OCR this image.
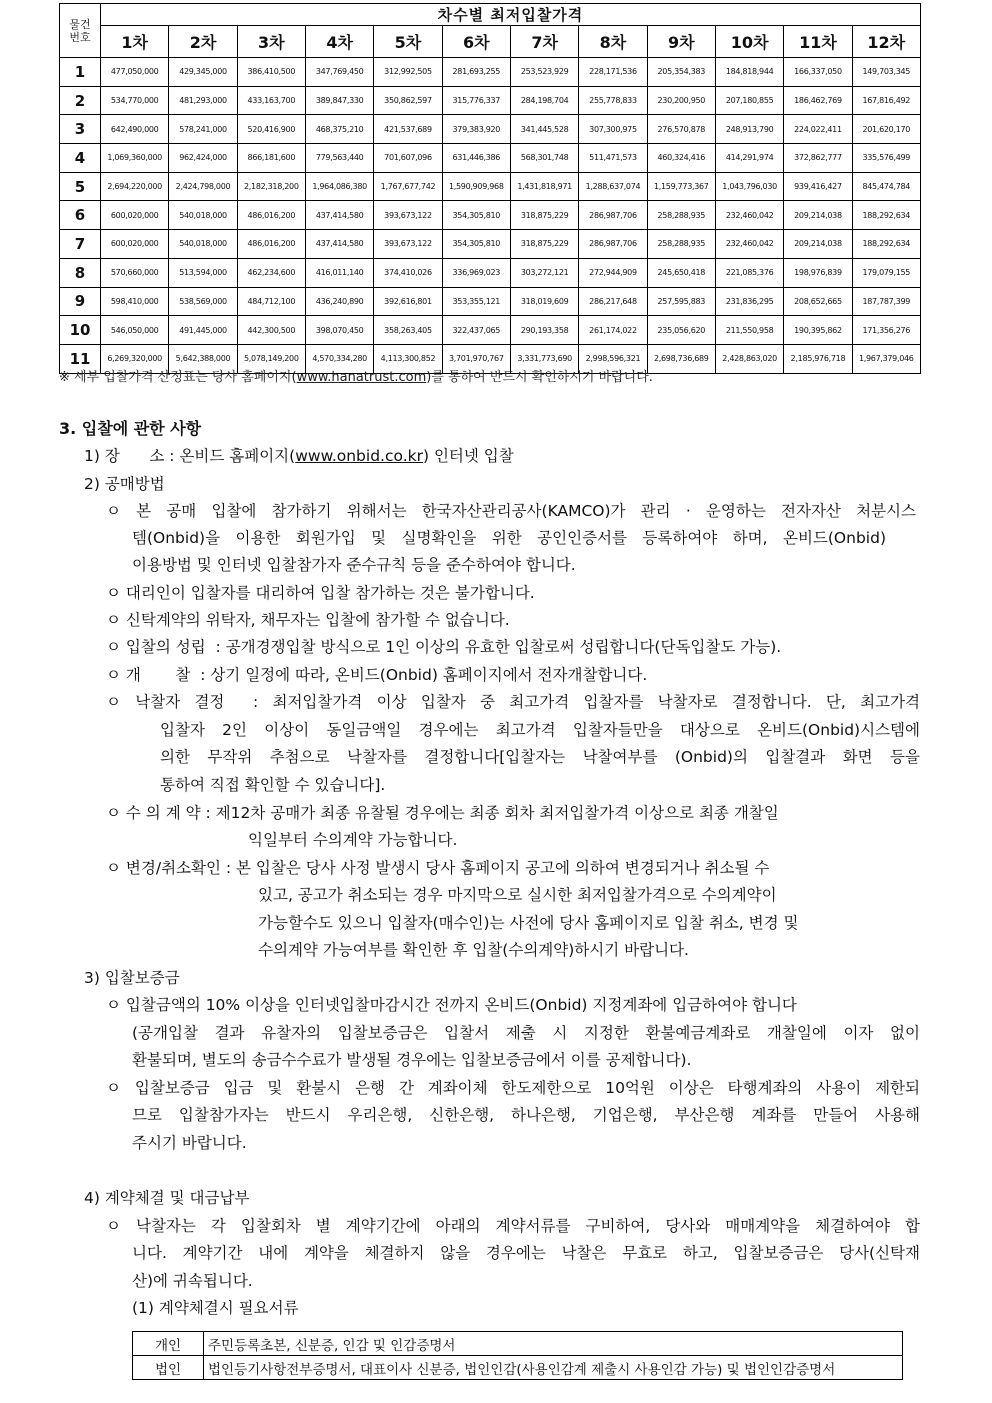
물건
번호	차수별 최저입찰가격											
	1차	2차	3차	4차	5차	6차	7차	8차	9차	10차	11차	12차
1	477,050,000	429,345,000	386,410,500	347,769,450	312,992,505	281,693,255	253,523,929	228,171,536	205,354,383	184,818,944	166,337,050	149,703,345
2	534,770,000	481,293,000	433,163,700	389,847,330	350,862,597	315,776,337	284,198,704	255,778,833	230,200,950	207,180,855	186,462,769	167,816,492
3	642,490,000	578,241,000	520,416,900	468,375,210	421,537,689	379,383,920	341,445,528	307,300,975	276,570,878	248,913,790	224,022,411	201,620,170
4	1,069,360,000	962,424,000	866,181,600	779,563,440	701,607,096	631,446,386	568,301,748	511,471,573	460,324,416	414,291,974	372,862,777	335,576,499
5	2,694,220,000	2,424,798,000	2,182,318,200	1,964,086,380	1,767,677,742	1,590,909,968	1,431,818,971	1,288,637,074	1,159,773,367	1,043,796,030	939,416,427	845,474,784
6	600,020,000	540,018,000	486,016,200	437,414,580	393,673,122	354,305,810	318,875,229	286,987,706	258,288,935	232,460,042	209,214,038	188,292,634
7	600,020,000	540,018,000	486,016,200	437,414,580	393,673,122	354,305,810	318,875,229	286,987,706	258,288,935	232,460,042	209,214,038	188,292,634
8	570,660,000	513,594,000	462,234,600	416,011,140	374,410,026	336,969,023	303,272,121	272,944,909	245,650,418	221,085,376	198,976,839	179,079,155
9	598,410,000	538,569,000	484,712,100	436,240,890	392,616,801	353,355,121	318,019,609	286,217,648	257,595,883	231,836,295	208,652,665	187,787,399
10	546,050,000	491,445,000	442,300,500	398,070,450	358,263,405	322,437,065	290,193,358	261,174,022	235,056,620	211,550,958	190,395,862	171,356,276
11	6,269,320,000	5,642,388,000	5,078,149,200	4,570,334,280	4,113,300,852	3,701,970,767	3,331,773,690	2,998,596,321	2,698,736,689	2,428,863,020	2,185,976,718	1,967,379,046
※ 세부 입찰가격 산정표는 당사 홈페이지(www.hanatrust.com)를 통하여 반드시 확인하시기 바랍니다.
3. 입찰에 관한 사항
1) 장      소 : 온비드 홈페이지(www.onbid.co.kr) 인터넷 입찰
2) 공매방법
ㅇ 본 공매 입찰에 참가하기 위해서는 한국자산관리공사(KAMCO)가 관리 · 운영하는 전자자산 처분시스
템(Onbid)을 이용한 회원가입 및 실명확인을 위한 공인인증서를 등록하여야 하며, 온비드(Onbid)
이용방법 및 인터넷 입찰참가자 준수규칙 등을 준수하여야 합니다.
ㅇ 대리인이 입찰자를 대리하여 입찰 참가하는 것은 불가합니다.
ㅇ 신탁계약의 위탁자, 채무자는 입찰에 참가할 수 없습니다.
ㅇ 입찰의 성립  : 공개경쟁입찰 방식으로 1인 이상의 유효한 입찰로써 성립합니다(단독입찰도 가능).
ㅇ 개       찰  : 상기 일정에 따라, 온비드(Onbid) 홈페이지에서 전자개찰합니다.
ㅇ 낙찰자 결정  : 최저입찰가격 이상 입찰자 중 최고가격 입찰자를 낙찰자로 결정합니다. 단, 최고가격
입찰자 2인 이상이 동일금액일 경우에는 최고가격 입찰자들만을 대상으로 온비드(Onbid)시스템에
의한 무작위 추첨으로 낙찰자를 결정합니다[입찰자는 낙찰여부를 (Onbid)의 입찰결과 화면 등을
통하여 직접 확인할 수 있습니다].
ㅇ 수 의 계 약 : 제12차 공매가 최종 유찰될 경우에는 최종 회차 최저입찰가격 이상으로 최종 개찰일
익일부터 수의계약 가능합니다.
ㅇ 변경/취소확인 : 본 입찰은 당사 사정 발생시 당사 홈페이지 공고에 의하여 변경되거나 취소될 수
있고, 공고가 취소되는 경우 마지막으로 실시한 최저입찰가격으로 수의계약이
가능할수도 있으니 입찰자(매수인)는 사전에 당사 홈페이지로 입찰 취소, 변경 및
수의계약 가능여부를 확인한 후 입찰(수의계약)하시기 바랍니다.
3) 입찰보증금
ㅇ 입찰금액의 10% 이상을 인터넷입찰마감시간 전까지 온비드(Onbid) 지정계좌에 입금하여야 합니다
(공개입찰 결과 유찰자의 입찰보증금은 입찰서 제출 시 지정한 환불예금계좌로 개찰일에 이자 없이
환불되며, 별도의 송금수수료가 발생될 경우에는 입찰보증금에서 이를 공제합니다).
ㅇ 입찰보증금 입금 및 환불시 은행 간 계좌이체 한도제한으로 10억원 이상은 타행계좌의 사용이 제한되
므로 입찰참가자는 반드시 우리은행, 신한은행, 하나은행, 기업은행, 부산은행 계좌를 만들어 사용해
주시기 바랍니다.
4) 계약체결 및 대금납부
ㅇ 낙찰자는 각 입찰회차 별 계약기간에 아래의 계약서류를 구비하여, 당사와 매매계약을 체결하여야 합
니다. 계약기간 내에 계약을 체결하지 않을 경우에는 낙찰은 무효로 하고, 입찰보증금은 당사(신탁재
산)에 귀속됩니다.
(1) 계약체결시 필요서류
개인	주민등록초본, 신분증, 인감 및 인감증명서
법인	법인등기사항전부증명서, 대표이사 신분증, 법인인감(사용인감계 제출시 사용인감 가능) 및 법인인감증명서
